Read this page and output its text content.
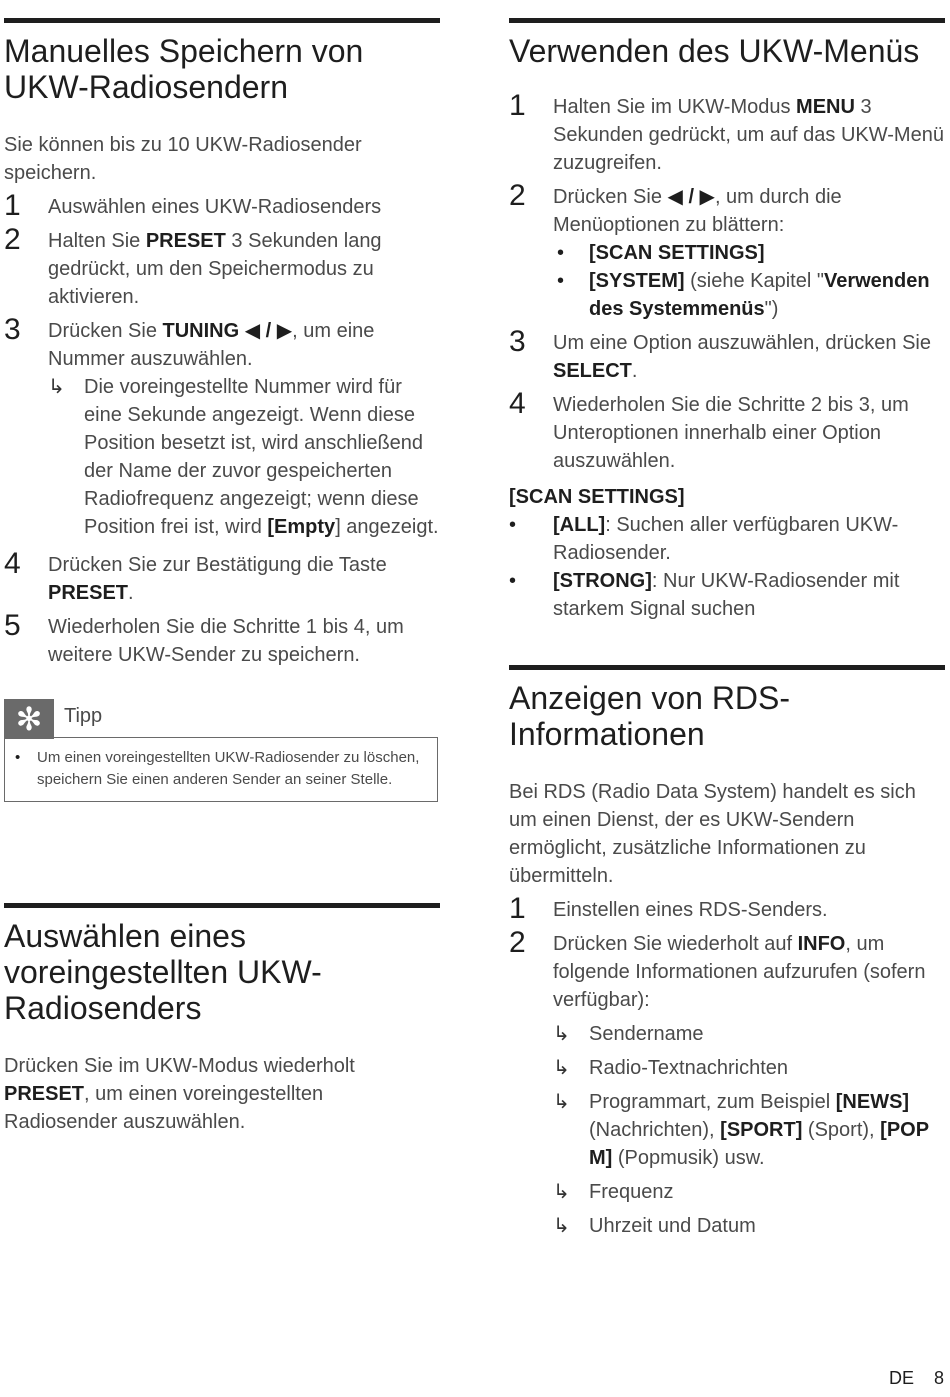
Manuelles Speichern von UKW-Radiosendern

Sie können bis zu 10 UKW-Radiosender speichern.

1 Auswählen eines UKW-Radiosenders
2 Halten Sie PRESET 3 Sekunden lang gedrückt, um den Speichermodus zu aktivieren.
3 Drücken Sie TUNING ◀ / ▶, um eine Nummer auszuwählen.
↳ Die voreingestellte Nummer wird für eine Sekunde angezeigt. Wenn diese Position besetzt ist, wird anschließend der Name der zuvor gespeicherten Radiofrequenz angezeigt; wenn diese Position frei ist, wird [Empty] angezeigt.
4 Drücken Sie zur Bestätigung die Taste PRESET.
5 Wiederholen Sie die Schritte 1 bis 4, um weitere UKW-Sender zu speichern.
✻	Tipp
• Um einen voreingestellten UKW-Radiosender zu löschen, speichern Sie einen anderen Sender an seiner Stelle.
Auswählen eines voreingestellten UKW-Radiosenders

Drücken Sie im UKW-Modus wiederholt PRESET, um einen voreingestellten Radiosender auszuwählen.

Verwenden des UKW-Menüs
1 Halten Sie im UKW-Modus MENU 3 Sekunden gedrückt, um auf das UKW-Menü zuzugreifen.
2 Drücken Sie ◀ / ▶, um durch die Menüoptionen zu blättern:
• [SCAN SETTINGS]
• [SYSTEM] (siehe Kapitel "Verwenden des Systemmenüs")
3 Um eine Option auszuwählen, drücken Sie SELECT.
4 Wiederholen Sie die Schritte 2 bis 3, um Unteroptionen innerhalb einer Option auszuwählen.
[SCAN SETTINGS]
• [ALL]: Suchen aller verfügbaren UKW-Radiosender.
• [STRONG]: Nur UKW-Radiosender mit starkem Signal suchen
Anzeigen von RDS-Informationen

Bei RDS (Radio Data System) handelt es sich um einen Dienst, der es UKW-Sendern ermöglicht, zusätzliche Informationen zu übermitteln.

1 Einstellen eines RDS-Senders.
2 Drücken Sie wiederholt auf INFO, um folgende Informationen aufzurufen (sofern verfügbar):
↳ Sendername
↳ Radio-Textnachrichten
↳ Programmart, zum Beispiel [NEWS] (Nachrichten), [SPORT] (Sport), [POP M] (Popmusik) usw.
↳ Frequenz
↳ Uhrzeit und Datum
DE 8
